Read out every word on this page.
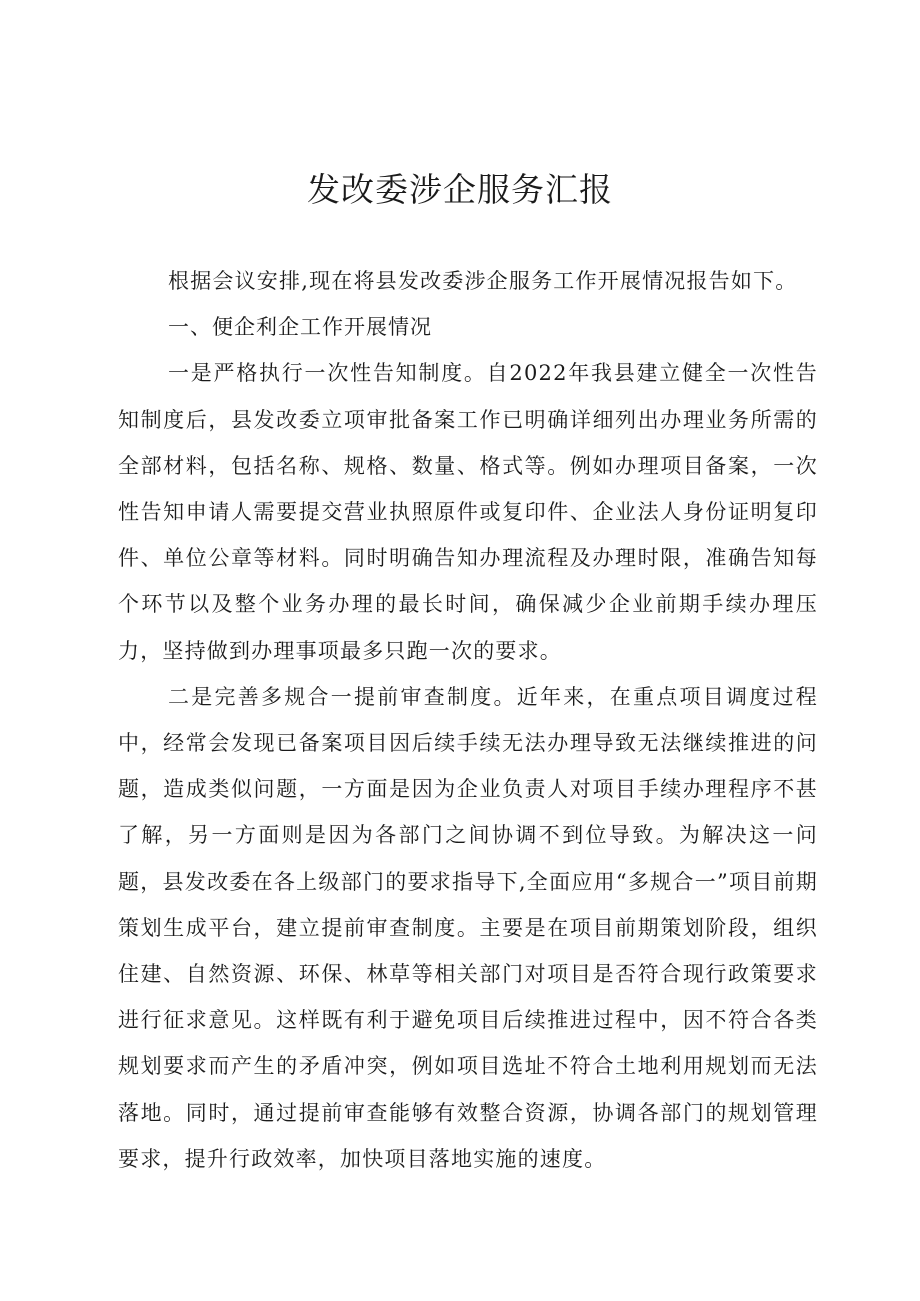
发改委涉企服务汇报

根据会议安排,现在将县发改委涉企服务工作开展情况报告如下。

一、便企利企工作开展情况

一是严格执行一次性告知制度。自2022年我县建立健全一次性告知制度后，县发改委立项审批备案工作已明确详细列出办理业务所需的全部材料，包括名称、规格、数量、格式等。例如办理项目备案，一次性告知申请人需要提交营业执照原件或复印件、企业法人身份证明复印件、单位公章等材料。同时明确告知办理流程及办理时限，准确告知每个环节以及整个业务办理的最长时间，确保减少企业前期手续办理压力，坚持做到办理事项最多只跑一次的要求。

二是完善多规合一提前审查制度。近年来，在重点项目调度过程中，经常会发现已备案项目因后续手续无法办理导致无法继续推进的问题，造成类似问题，一方面是因为企业负责人对项目手续办理程序不甚了解，另一方面则是因为各部门之间协调不到位导致。为解决这一问题，县发改委在各上级部门的要求指导下,全面应用“多规合一”项目前期策划生成平台，建立提前审查制度。主要是在项目前期策划阶段，组织住建、自然资源、环保、林草等相关部门对项目是否符合现行政策要求进行征求意见。这样既有利于避免项目后续推进过程中，因不符合各类规划要求而产生的矛盾冲突，例如项目选址不符合土地利用规划而无法落地。同时，通过提前审查能够有效整合资源，协调各部门的规划管理要求，提升行政效率，加快项目落地实施的速度。
